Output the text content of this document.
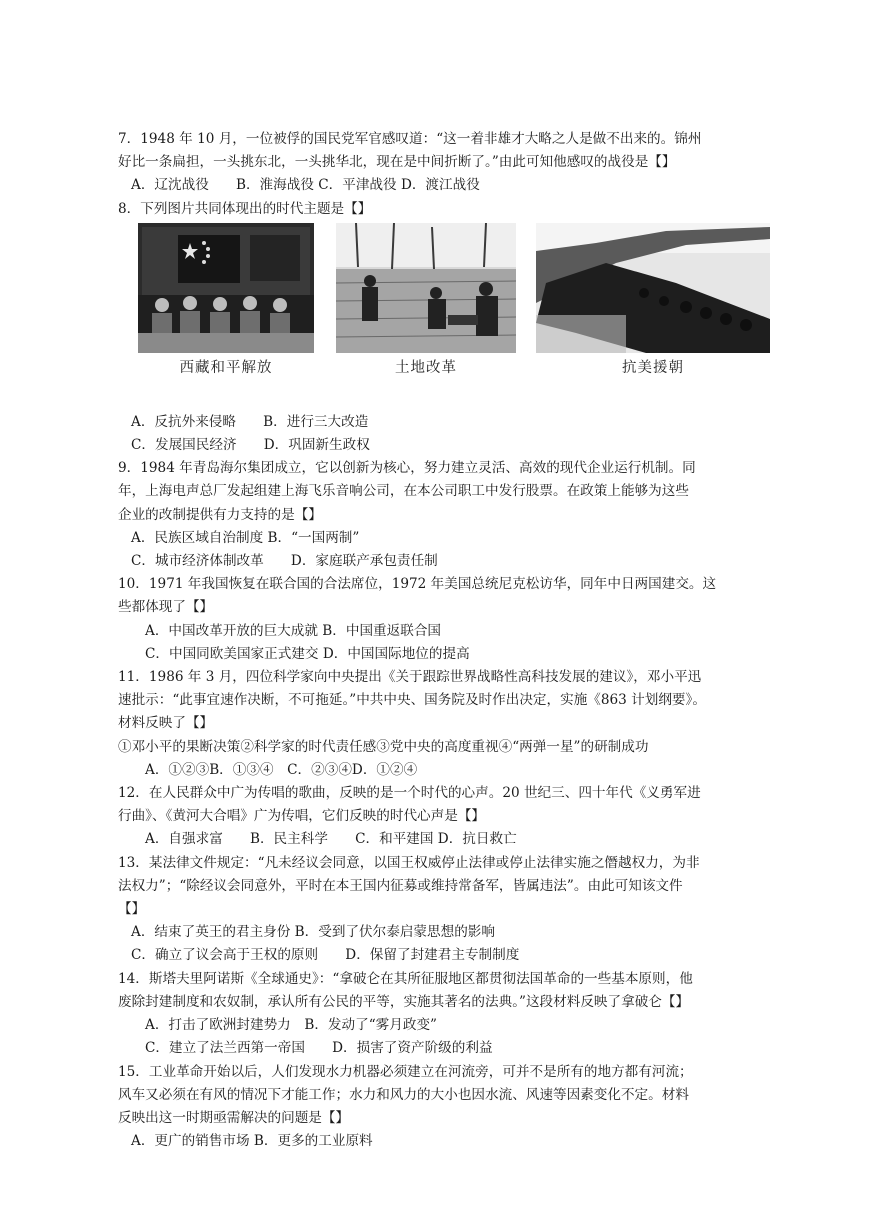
7．1948 年 10 月，一位被俘的国民党军官感叹道：“这一着非雄才大略之人是做不出来的。锦州
好比一条扁担，一头挑东北，一头挑华北，现在是中间折断了。”由此可知他感叹的战役是【】
A．辽沈战役　　B．淮海战役 C．平津战役 D．渡江战役
8．下列图片共同体现出的时代主题是【】
西藏和平解放	土地改革	抗美援朝
A．反抗外来侵略　　B．进行三大改造
C．发展国民经济　　D．巩固新生政权
9．1984 年青岛海尔集团成立，它以创新为核心，努力建立灵活、高效的现代企业运行机制。同
年，上海电声总厂发起组建上海飞乐音响公司，在本公司职工中发行股票。在政策上能够为这些
企业的改制提供有力支持的是【】
A．民族区域自治制度 B．“一国两制”
C．城市经济体制改革　　D．家庭联产承包责任制
10．1971 年我国恢复在联合国的合法席位，1972 年美国总统尼克松访华，同年中日两国建交。这
些都体现了【】
A．中国改革开放的巨大成就 B．中国重返联合国
C．中国同欧美国家正式建交 D．中国国际地位的提高
11．1986 年 3 月，四位科学家向中央提出《关于跟踪世界战略性高科技发展的建议》，邓小平迅
速批示：“此事宜速作决断，不可拖延。”中共中央、国务院及时作出决定，实施《863 计划纲要》。
材料反映了【】
①邓小平的果断决策②科学家的时代责任感③党中央的高度重视④“两弹一星”的研制成功
A．①②③B．①③④　C．②③④D．①②④
12．在人民群众中广为传唱的歌曲，反映的是一个时代的心声。20 世纪三、四十年代《义勇军进
行曲》、《黄河大合唱》广为传唱，它们反映的时代心声是【】
A．自强求富　　B．民主科学　　C．和平建国 D．抗日救亡
13．某法律文件规定：“凡未经议会同意，以国王权威停止法律或停止法律实施之僭越权力，为非
法权力”；“除经议会同意外，平时在本王国内征募或维持常备军，皆属违法”。由此可知该文件
【】
A．结束了英王的君主身份 B．受到了伏尔泰启蒙思想的影响
C．确立了议会高于王权的原则　　D．保留了封建君主专制制度
14．斯塔夫里阿诺斯《全球通史》：“拿破仑在其所征服地区都贯彻法国革命的一些基本原则，他
废除封建制度和农奴制，承认所有公民的平等，实施其著名的法典。”这段材料反映了拿破仑【】
A．打击了欧洲封建势力　B．发动了“雾月政变”
C．建立了法兰西第一帝国　　D．损害了资产阶级的利益
15．工业革命开始以后，人们发现水力机器必须建立在河流旁，可并不是所有的地方都有河流；
风车又必须在有风的情况下才能工作；水力和风力的大小也因水流、风速等因素变化不定。材料
反映出这一时期亟需解决的问题是【】
A．更广的销售市场 B．更多的工业原料
